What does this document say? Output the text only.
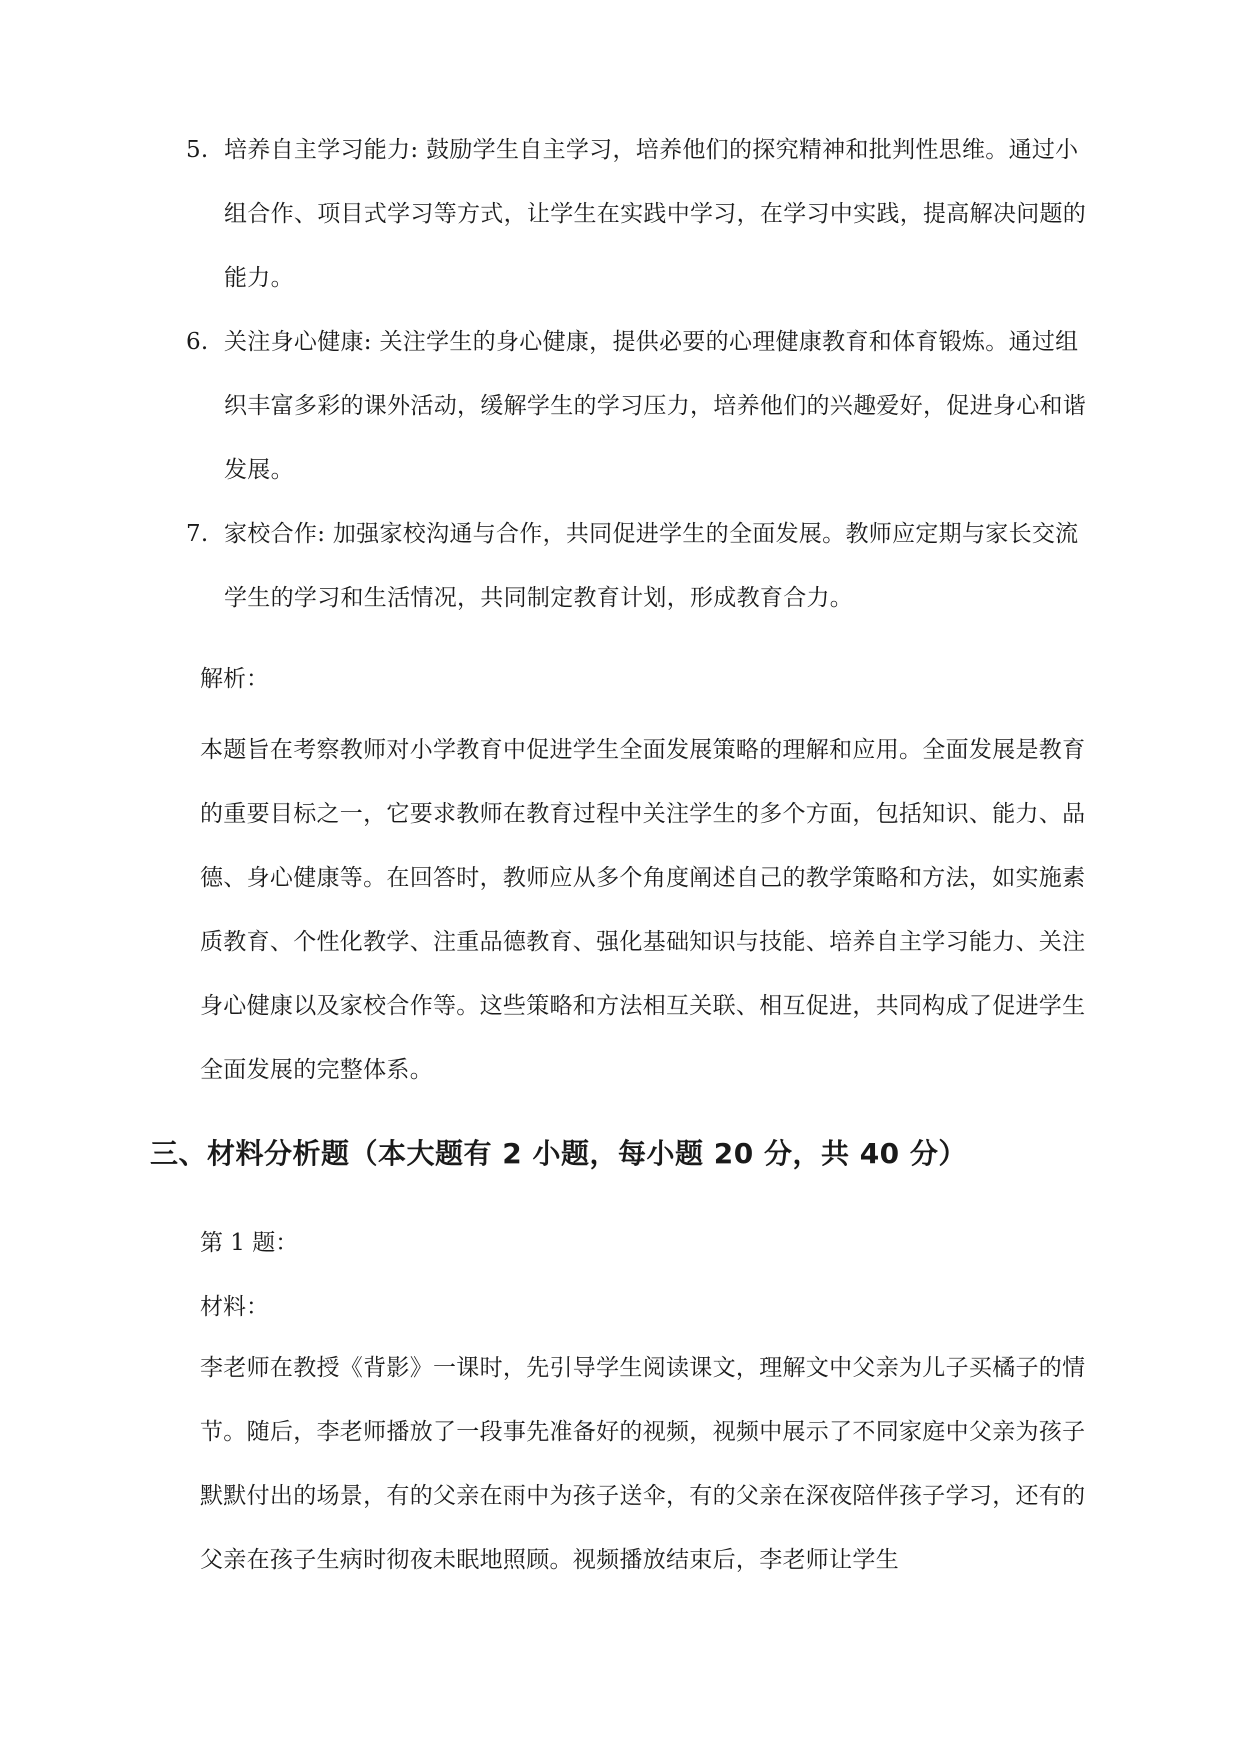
5. 培养自主学习能力: 鼓励学生自主学习，培养他们的探究精神和批判性思维。通过小组合作、项目式学习等方式，让学生在实践中学习，在学习中实践，提高解决问题的能力。
6. 关注身心健康: 关注学生的身心健康，提供必要的心理健康教育和体育锻炼。通过组织丰富多彩的课外活动，缓解学生的学习压力，培养他们的兴趣爱好，促进身心和谐发展。
7. 家校合作: 加强家校沟通与合作，共同促进学生的全面发展。教师应定期与家长交流学生的学习和生活情况，共同制定教育计划，形成教育合力。

解析：

本题旨在考察教师对小学教育中促进学生全面发展策略的理解和应用。全面发展是教育的重要目标之一，它要求教师在教育过程中关注学生的多个方面，包括知识、能力、品德、身心健康等。在回答时，教师应从多个角度阐述自己的教学策略和方法，如实施素质教育、个性化教学、注重品德教育、强化基础知识与技能、培养自主学习能力、关注身心健康以及家校合作等。这些策略和方法相互关联、相互促进，共同构成了促进学生全面发展的完整体系。

三、材料分析题（本大题有 2 小题，每小题 20 分，共 40 分）

第 1 题：

材料：

李老师在教授《背影》一课时，先引导学生阅读课文，理解文中父亲为儿子买橘子的情节。随后，李老师播放了一段事先准备好的视频，视频中展示了不同家庭中父亲为孩子默默付出的场景，有的父亲在雨中为孩子送伞，有的父亲在深夜陪伴孩子学习，还有的父亲在孩子生病时彻夜未眠地照顾。视频播放结束后，李老师让学生
